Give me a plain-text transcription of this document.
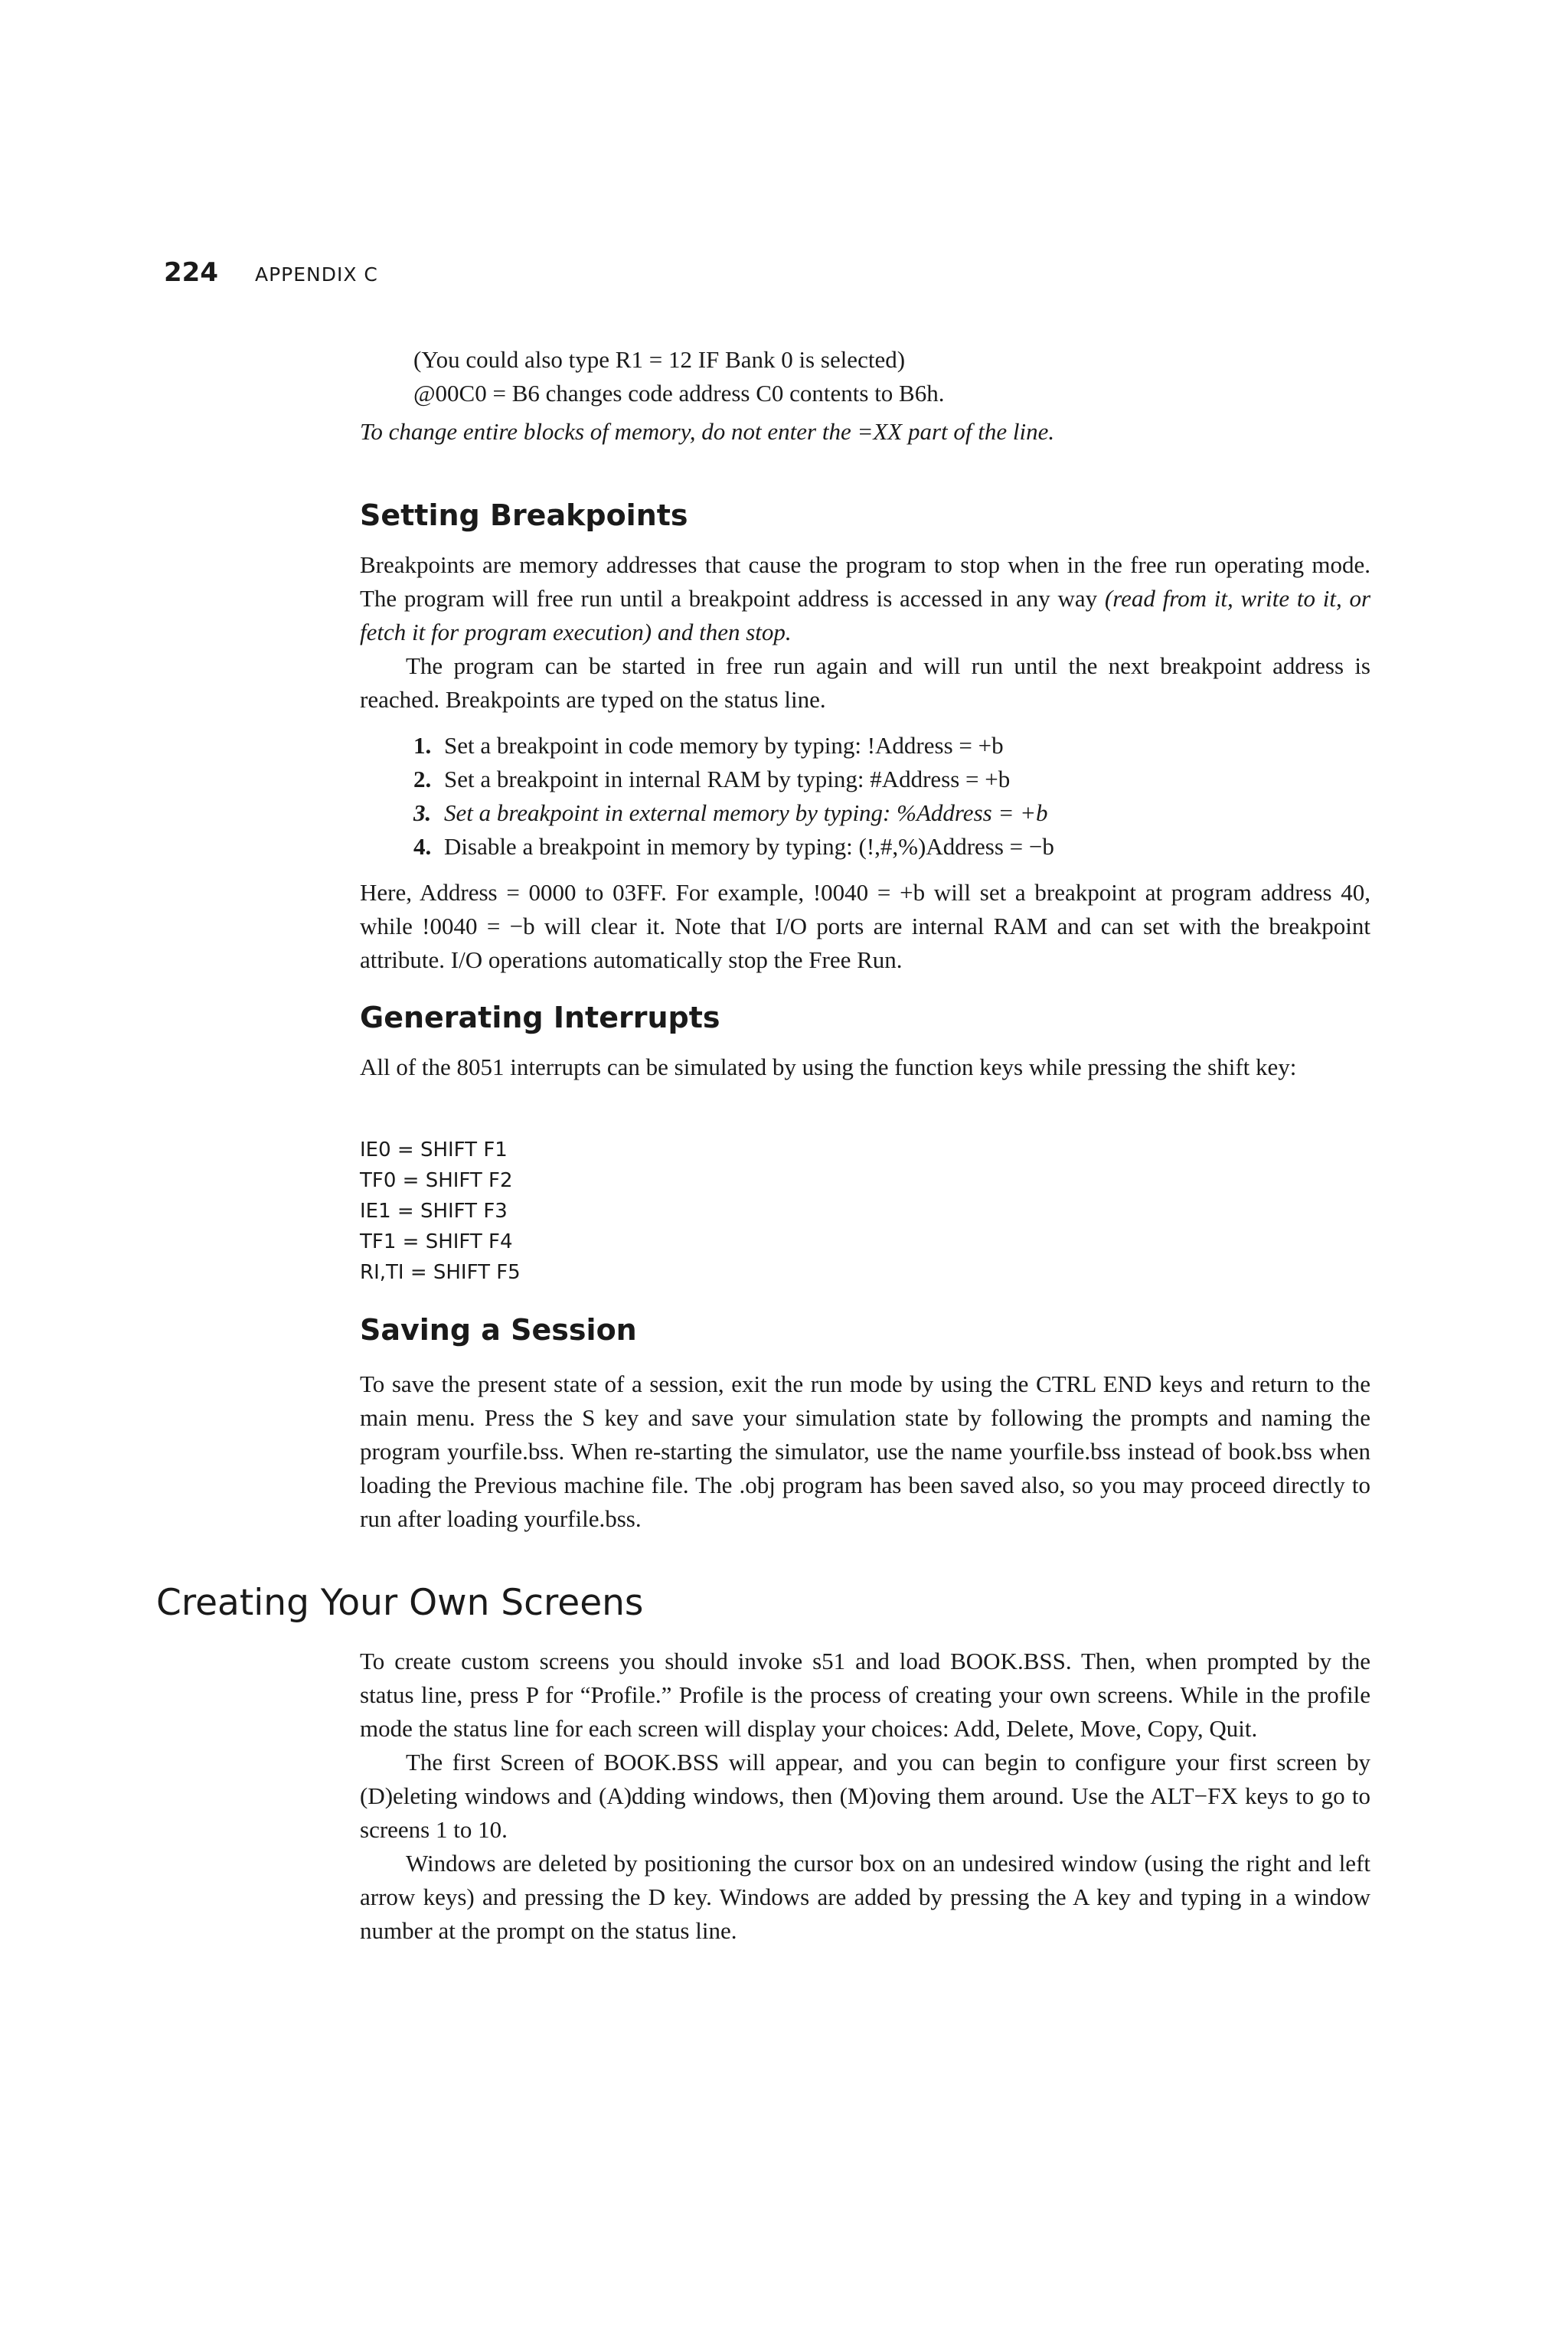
224 APPENDIX C

(You could also type R1 = 12 IF Bank 0 is selected)

@00C0 = B6 changes code address C0 contents to B6h.

To change entire blocks of memory, do not enter the =XX part of the line.

Setting Breakpoints

Breakpoints are memory addresses that cause the program to stop when in the free run operating mode. The program will free run until a breakpoint address is accessed in any way (read from it, write to it, or fetch it for program execution) and then stop.

The program can be started in free run again and will run until the next breakpoint address is reached. Breakpoints are typed on the status line.

1. Set a breakpoint in code memory by typing: !Address = +b
2. Set a breakpoint in internal RAM by typing: #Address = +b
3. Set a breakpoint in external memory by typing: %Address = +b
4. Disable a breakpoint in memory by typing: (!,#,%)Address = −b

Here, Address = 0000 to 03FF. For example, !0040 = +b will set a breakpoint at program address 40, while !0040 = −b will clear it. Note that I/O ports are internal RAM and can set with the breakpoint attribute. I/O operations automatically stop the Free Run.

Generating Interrupts

All of the 8051 interrupts can be simulated by using the function keys while pressing the shift key:

IE0 = SHIFT F1
TF0 = SHIFT F2
IE1 = SHIFT F3
TF1 = SHIFT F4
RI,TI = SHIFT F5
Saving a Session

To save the present state of a session, exit the run mode by using the CTRL END keys and return to the main menu. Press the S key and save your simulation state by following the prompts and naming the program yourfile.bss. When re-starting the simulator, use the name yourfile.bss instead of book.bss when loading the Previous machine file. The .obj program has been saved also, so you may proceed directly to run after loading yourfile.bss.

Creating Your Own Screens

To create custom screens you should invoke s51 and load BOOK.BSS. Then, when prompted by the status line, press P for “Profile.” Profile is the process of creating your own screens. While in the profile mode the status line for each screen will display your choices: Add, Delete, Move, Copy, Quit.

The first Screen of BOOK.BSS will appear, and you can begin to configure your first screen by (D)eleting windows and (A)dding windows, then (M)oving them around. Use the ALT−FX keys to go to screens 1 to 10.

Windows are deleted by positioning the cursor box on an undesired window (using the right and left arrow keys) and pressing the D key. Windows are added by pressing the A key and typing in a window number at the prompt on the status line.
